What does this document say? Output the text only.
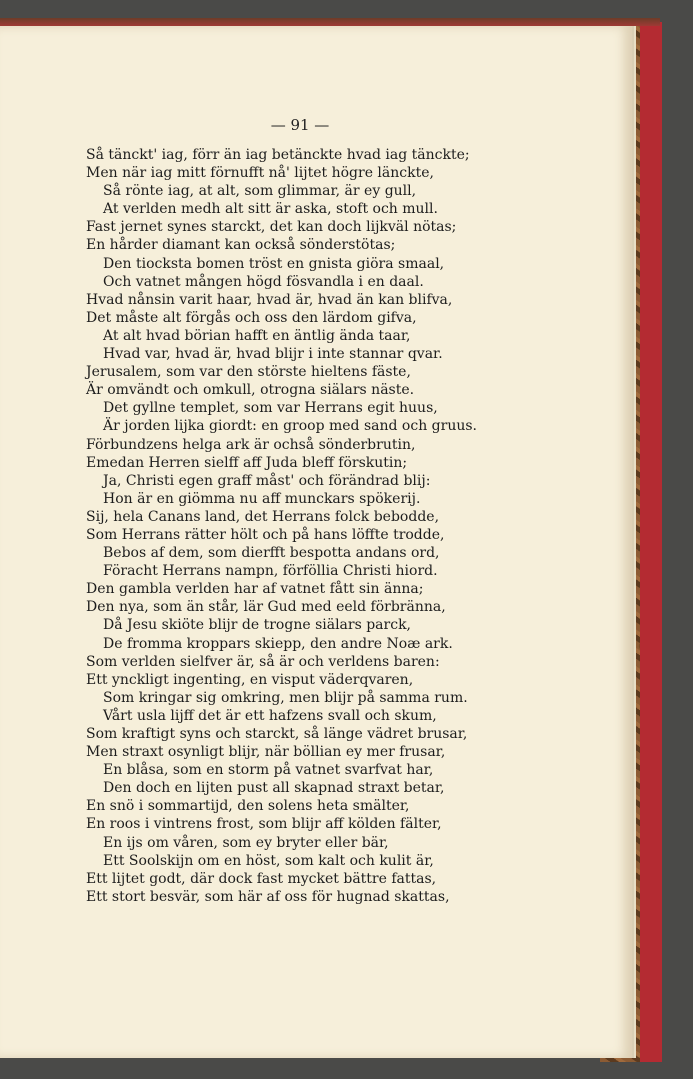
— 91 —
Så tänckt' iag, förr än iag betänckte hvad iag tänckte;
Men när iag mitt förnufft nå' lijtet högre länckte,
Så rönte iag, at alt, som glimmar, är ey gull,
At verlden medh alt sitt är aska, stoft och mull.
Fast jernet synes starckt, det kan doch lijkväl nötas;
En hårder diamant kan också sönderstötas;
Den tiocksta bomen tröst en gnista giöra smaal,
Och vatnet mången högd fösvandla i en daal.
Hvad nånsin varit haar, hvad är, hvad än kan blifva,
Det måste alt förgås och oss den lärdom gifva,
At alt hvad börian hafft en äntlig ända taar,
Hvad var, hvad är, hvad blijr i inte stannar qvar.
Jerusalem, som var den störste hieltens fäste,
Är omvändt och omkull, otrogna siälars näste.
Det gyllne templet, som var Herrans egit huus,
Är jorden lijka giordt: en groop med sand och gruus.
Förbundzens helga ark är ochså sönderbrutin,
Emedan Herren sielff aff Juda bleff förskutin;
Ja, Christi egen graff måst' och förändrad blij:
Hon är en giömma nu aff munckars spökerij.
Sij, hela Canans land, det Herrans folck bebodde,
Som Herrans rätter hölt och på hans löffte trodde,
Bebos af dem, som dierfft bespotta andans ord,
Föracht Herrans nampn, förföllia Christi hiord.
Den gambla verlden har af vatnet fått sin änna;
Den nya, som än står, lär Gud med eeld förbränna,
Då Jesu skiöte blijr de trogne siälars parck,
De fromma kroppars skiepp, den andre Noæ ark.
Som verlden sielfver är, så är och verldens baren:
Ett ynckligt ingenting, en visput väderqvaren,
Som kringar sig omkring, men blijr på samma rum.
Vårt usla lijff det är ett hafzens svall och skum,
Som kraftigt syns och starckt, så länge vädret brusar,
Men straxt osynligt blijr, när böllian ey mer frusar,
En blåsa, som en storm på vatnet svarfvat har,
Den doch en lijten pust all skapnad straxt betar,
En snö i sommartijd, den solens heta smälter,
En roos i vintrens frost, som blijr aff kölden fälter,
En ijs om våren, som ey bryter eller bär,
Ett Soolskijn om en höst, som kalt och kulit är,
Ett lijtet godt, där dock fast mycket bättre fattas,
Ett stort besvär, som här af oss för hugnad skattas,
